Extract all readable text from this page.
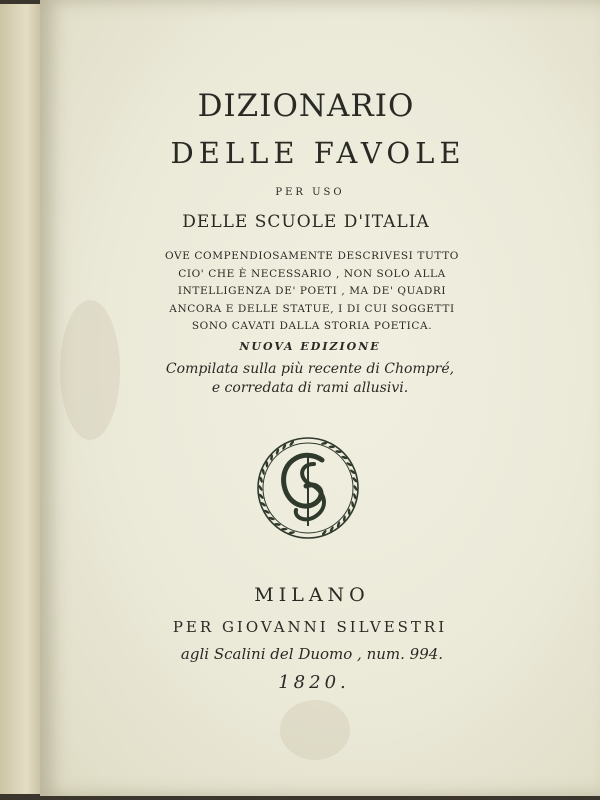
DIZIONARIO
DELLE FAVOLE
PER USO
DELLE SCUOLE D'ITALIA
OVE COMPENDIOSAMENTE DESCRIVESI TUTTO
CIO' CHE È NECESSARIO , NON SOLO ALLA
INTELLIGENZA DE' POETI , MA DE' QUADRI
ANCORA E DELLE STATUE, I DI CUI SOGGETTI
SONO CAVATI DALLA STORIA POETICA.
NUOVA EDIZIONE
Compilata sulla più recente di Chompré,
e corredata di rami allusivi.
MILANO
PER GIOVANNI SILVESTRI
agli Scalini del Duomo , num. 994.
1820.
